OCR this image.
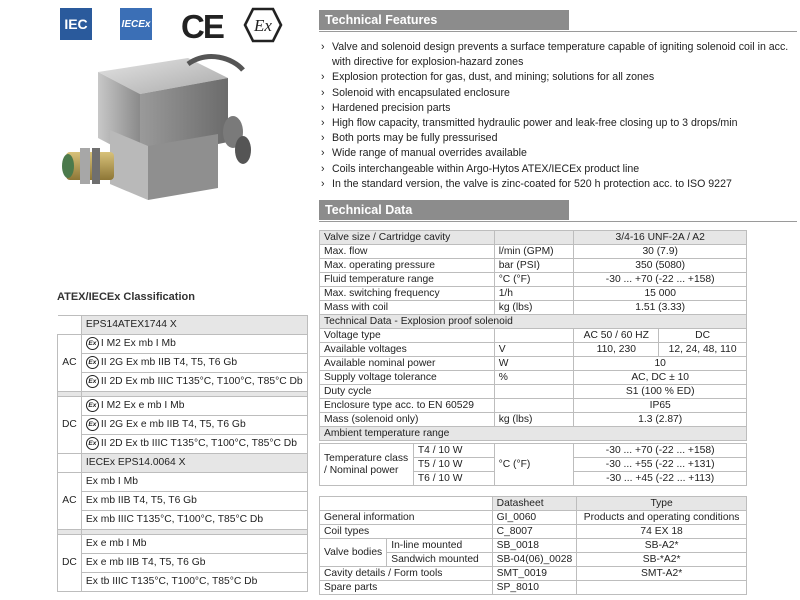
IEC	IECEx CE Ex	Technical Features
› Valve and solenoid design prevents a surface temperature capable of igniting solenoid coil in acc. with directive for explosion-hazard zones
› Explosion protection for gas, dust, and mining; solutions for all zones
› Solenoid with encapsulated enclosure
› Hardened precision parts
› High flow capacity, transmitted hydraulic power and leak-free closing up to 3 drops/min
› Both ports may be fully pressurised
› Wide range of manual overrides available
› Coils interchangeable within Argo-Hytos ATEX/IECEx product line
› In the standard version, the valve is zinc-coated for 520 h protection acc. to ISO 9227
Technical Data
Valve size / Cartridge cavity		3/4-16 UNF-2A / A2	
Max. flow	l/min (GPM)	30 (7.9)	
Max. operating pressure	bar (PSI)	350 (5080)	
Fluid temperature range	°C (°F)	-30 ... +70 (-22 ... +158)	
Max. switching frequency	1/h	15 000	
Mass with coil	kg (lbs)	1.51 (3.33)	
Technical Data - Explosion proof solenoid			
Voltage type		AC 50 / 60 HZ	DC
Available voltages	V	110, 230	12, 24, 48, 110
Available nominal power	W	10	
Supply voltage tolerance	%	AC, DC ± 10	
Duty cycle		S1 (100 % ED)	
Enclosure type acc. to EN 60529		IP65	
Mass (solenoid only)	kg (lbs)	1.3 (2.87)	
Ambient temperature range			
Temperature class / Nominal power	T4 / 10 W	°C (°F)	-30 ... +70 (-22 ... +158)
	T5 / 10 W		-30 ... +55 (-22 ... +131)
	T6 / 10 W		-30 ... +45 (-22 ... +113)
		Datasheet	Type
General information		GI_0060	Products and operating conditions
Coil types		C_8007	74 EX 18
Valve bodies	In-line mounted	SB_0018	SB-A2*
	Sandwich mounted	SB-04(06)_0028	SB-*A2*
Cavity details / Form tools		SMT_0019	SMT-A2*
Spare parts		SP_8010	
ATEX/IECEx Classification
	EPS14ATEX1744 X
AC	Ex I M2 Ex mb I Mb
	Ex II 2G Ex mb IIB T4, T5, T6 Gb
	Ex II 2D Ex mb IIIC T135°C, T100°C, T85°C Db

DC	Ex I M2 Ex e mb I Mb
	Ex II 2G Ex e mb IIB T4, T5, T6 Gb
	Ex II 2D Ex tb IIIC T135°C, T100°C, T85°C Db
	IECEx EPS14.0064 X
AC	Ex mb I Mb
	Ex mb IIB T4, T5, T6 Gb
	Ex mb IIIC T135°C, T100°C, T85°C Db

DC	Ex e mb I Mb
	Ex e mb IIB T4, T5, T6 Gb
	Ex tb IIIC T135°C, T100°C, T85°C Db
